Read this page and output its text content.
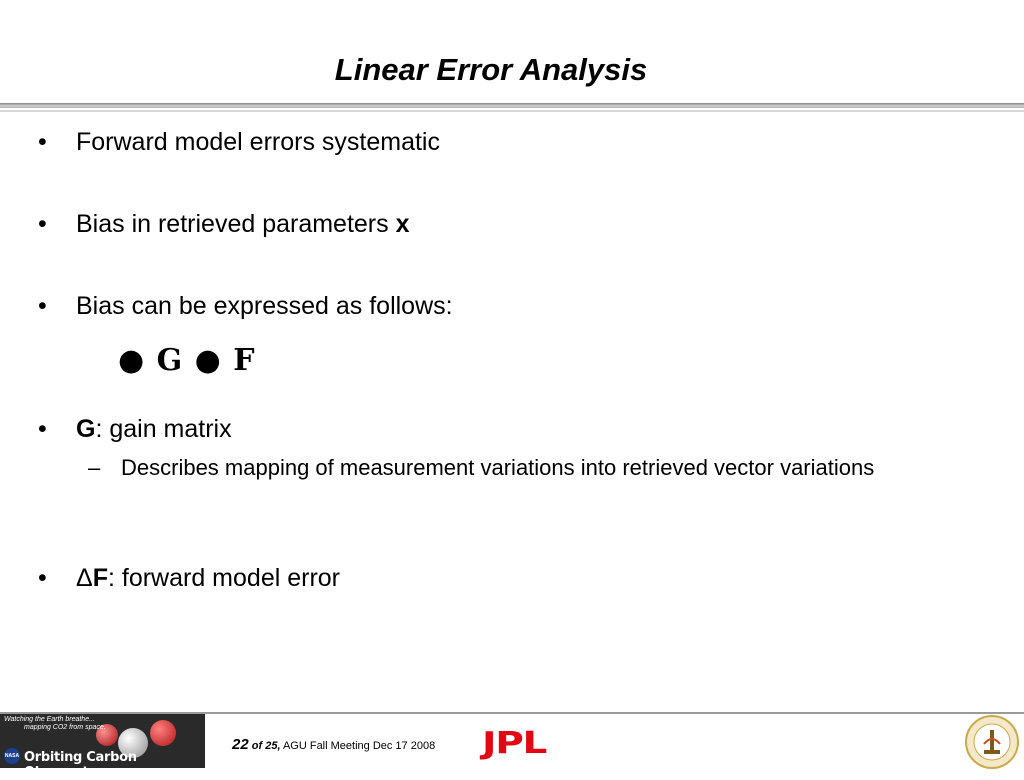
Linear Error Analysis
•	Forward model errors systematic
•	Bias in retrieved parameters x
•	Bias can be expressed as follows:
● G ● F
•	G: gain matrix
– Describes mapping of measurement variations into retrieved vector variations
•	ΔF: forward model error
Watching the Earth breathe...
mapping CO2 from space.
NASA Orbiting Carbon Observatory
22 of 25, AGU Fall Meeting Dec 17 2008 JPL
